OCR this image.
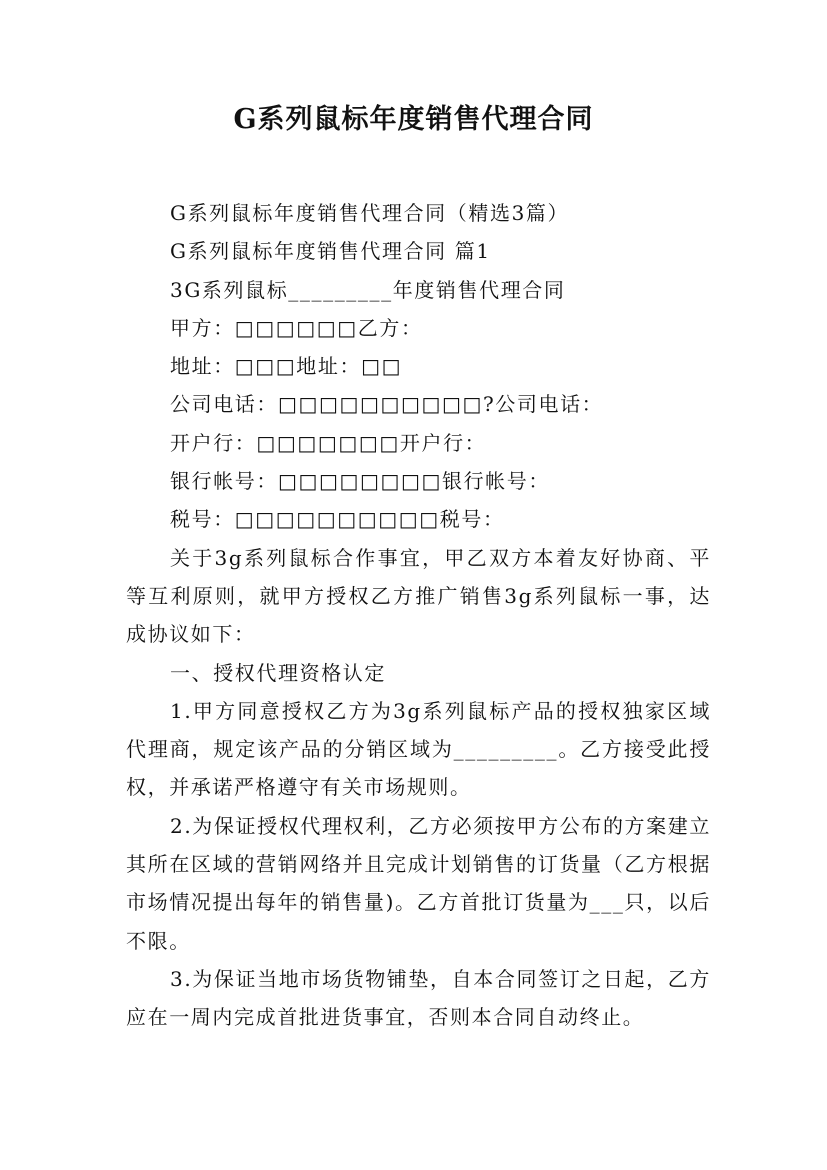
G系列鼠标年度销售代理合同

G系列鼠标年度销售代理合同（精选3篇）

G系列鼠标年度销售代理合同 篇1

3G系列鼠标_________年度销售代理合同

甲方：□□□□□□乙方：

地址：□□□地址：□□

公司电话：□□□□□□□□□□?公司电话：

开户行：□□□□□□□开户行：

银行帐号：□□□□□□□□银行帐号：

税号：□□□□□□□□□□税号：

关于3g系列鼠标合作事宜，甲乙双方本着友好协商、平等互利原则，就甲方授权乙方推广销售3g系列鼠标一事，达成协议如下：

一、授权代理资格认定

1.甲方同意授权乙方为3g系列鼠标产品的授权独家区域代理商，规定该产品的分销区域为_________。乙方接受此授权，并承诺严格遵守有关市场规则。

2.为保证授权代理权利，乙方必须按甲方公布的方案建立其所在区域的营销网络并且完成计划销售的订货量（乙方根据市场情况提出每年的销售量)。乙方首批订货量为___只，以后不限。

3.为保证当地市场货物铺垫，自本合同签订之日起，乙方应在一周内完成首批进货事宜，否则本合同自动终止。
